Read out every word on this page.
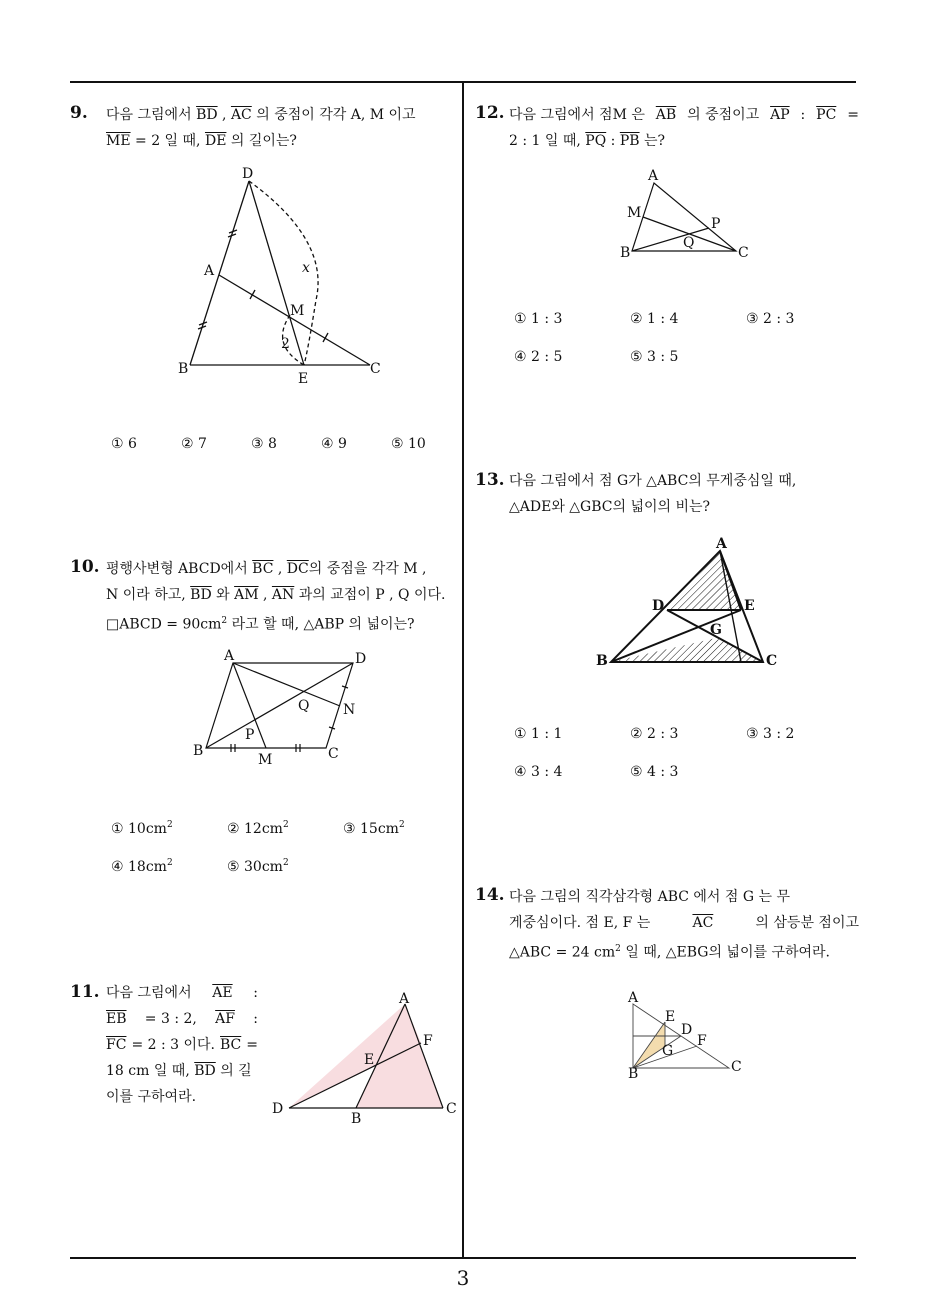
9. 다음 그림에서 $\overline{BD}$ , $\overline{AC}$ 의 중점이 각각 A, M 이고
$\overline{ME} = 2$ 일 때, $\overline{DE}$ 의 길이는?
D
A
M
x
2
B
E
C
① 6	② 7	③ 8	④ 9	⑤ 10
10. 평행사변형 ABCD에서 $\overline{BC}$ , $\overline{DC}$의 중점을 각각 M ,
N 이라 하고, $\overline{BD}$ 와 $\overline{AM}$ , $\overline{AN}$ 과의 교점이 P , Q 이다.
□ABCD = $90cm^2$ 라고 할 때, △ABP 의 넓이는?
A	D
Q N
P
B
M	C
① $10cm^2$	② $12cm^2$	③ $15cm^2$
④ $18cm^2$	⑤ $30cm^2$
11. 다음 그림에서 $\overline{AE}$ :
$\overline{EB} = 3$ : 2, $\overline{AF}$ :
$\overline{FC} = 2$ : 3 이다. $\overline{BC}$ =
18 cm 일 때, $\overline{BD}$ 의 길
이를 구하여라.
A
F
E
D
B
C
12. 다음 그림에서 점M 은 $\overline{AB}$ 의 중점이고 $\overline{AP}$ : $\overline{PC}$ =
2 : 1 일 때, $\overline{PQ}$ : $\overline{PB}$ 는?
A
M
P
Q
B	C
① 1 : 3	② 1 : 4	③ 2 : 3
④ 2 : 5	⑤ 3 : 5
13. 다음 그림에서 점 G가 △ABC의 무게중심일 때,
△ADE와 △GBC의 넓이의 비는?
A
D	E
G
B	C
① 1 : 1	② 2 : 3	③ 3 : 2
④ 3 : 4	⑤ 4 : 3
14. 다음 그림의 직각삼각형 ABC 에서 점 G 는 무
게중심이다. 점 E, F 는	$\overline{AC}$	의 삼등분 점이고
△ABC = 24 $cm^2$ 일 때, △EBG의 넓이를 구하여라.
A
E
D
F
G
B	C
3
